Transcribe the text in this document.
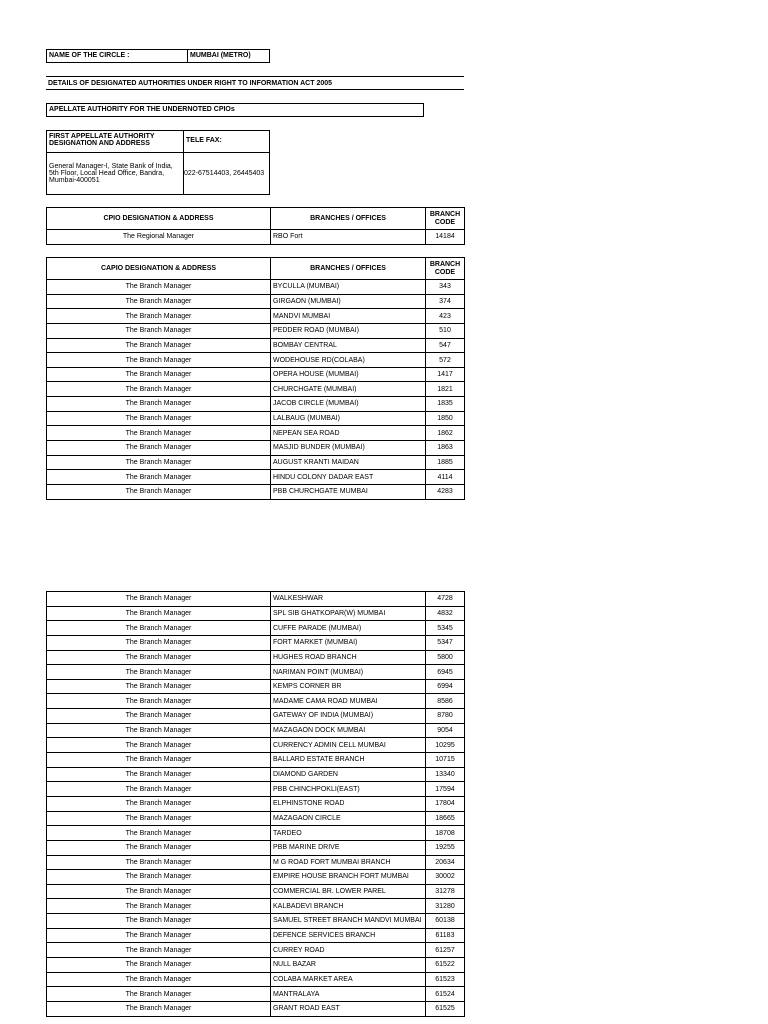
NAME OF THE CIRCLE :	MUMBAI (METRO)
DETAILS OF DESIGNATED AUTHORITIES UNDER RIGHT TO INFORMATION ACT 2005
APELLATE AUTHORITY FOR THE UNDERNOTED CPIOs
FIRST APPELLATE AUTHORITY DESIGNATION AND ADDRESS	TELE FAX:
General Manager-I, State Bank of India, 5th Floor, Local Head Office, Bandra, Mumbai-400051	022-67514403, 26445403
CPIO DESIGNATION & ADDRESS	BRANCHES / OFFICES	BRANCH CODE
The Regional Manager	RBO Fort	14184
CAPIO DESIGNATION & ADDRESS	BRANCHES / OFFICES	BRANCH CODE
The Branch Manager	BYCULLA (MUMBAI)	343
The Branch Manager	GIRGAON (MUMBAI)	374
The Branch Manager	MANDVI MUMBAI	423
The Branch Manager	PEDDER ROAD (MUMBAI)	510
The Branch Manager	BOMBAY CENTRAL	547
The Branch Manager	WODEHOUSE RD(COLABA)	572
The Branch Manager	OPERA HOUSE (MUMBAI)	1417
The Branch Manager	CHURCHGATE (MUMBAI)	1821
The Branch Manager	JACOB CIRCLE (MUMBAI)	1835
The Branch Manager	LALBAUG (MUMBAI)	1850
The Branch Manager	NEPEAN SEA ROAD	1862
The Branch Manager	MASJID BUNDER (MUMBAI)	1863
The Branch Manager	AUGUST KRANTI MAIDAN	1885
The Branch Manager	HINDU COLONY DADAR EAST	4114
The Branch Manager	PBB CHURCHGATE MUMBAI	4283
The Branch Manager	WALKESHWAR	4728
The Branch Manager	SPL SIB GHATKOPAR(W) MUMBAI	4832
The Branch Manager	CUFFE PARADE (MUMBAI)	5345
The Branch Manager	FORT MARKET (MUMBAI)	5347
The Branch Manager	HUGHES ROAD BRANCH	5800
The Branch Manager	NARIMAN POINT (MUMBAI)	6945
The Branch Manager	KEMPS CORNER BR	6994
The Branch Manager	MADAME CAMA ROAD MUMBAI	8586
The Branch Manager	GATEWAY OF INDIA (MUMBAI)	8780
The Branch Manager	MAZAGAON DOCK MUMBAI	9054
The Branch Manager	CURRENCY ADMIN CELL MUMBAI	10295
The Branch Manager	BALLARD ESTATE BRANCH	10715
The Branch Manager	DIAMOND GARDEN	13340
The Branch Manager	PBB CHINCHPOKLI(EAST)	17594
The Branch Manager	ELPHINSTONE ROAD	17804
The Branch Manager	MAZAGAON CIRCLE	18665
The Branch Manager	TARDEO	18708
The Branch Manager	PBB MARINE DRIVE	19255
The Branch Manager	M G ROAD FORT MUMBAI BRANCH	20634
The Branch Manager	EMPIRE HOUSE BRANCH FORT MUMBAI	30002
The Branch Manager	COMMERCIAL BR. LOWER PAREL	31278
The Branch Manager	KALBADEVI BRANCH	31280
The Branch Manager	SAMUEL STREET BRANCH MANDVI MUMBAI	60138
The Branch Manager	DEFENCE SERVICES BRANCH	61183
The Branch Manager	CURREY ROAD	61257
The Branch Manager	NULL BAZAR	61522
The Branch Manager	COLABA MARKET AREA	61523
The Branch Manager	MANTRALAYA	61524
The Branch Manager	GRANT ROAD EAST	61525
